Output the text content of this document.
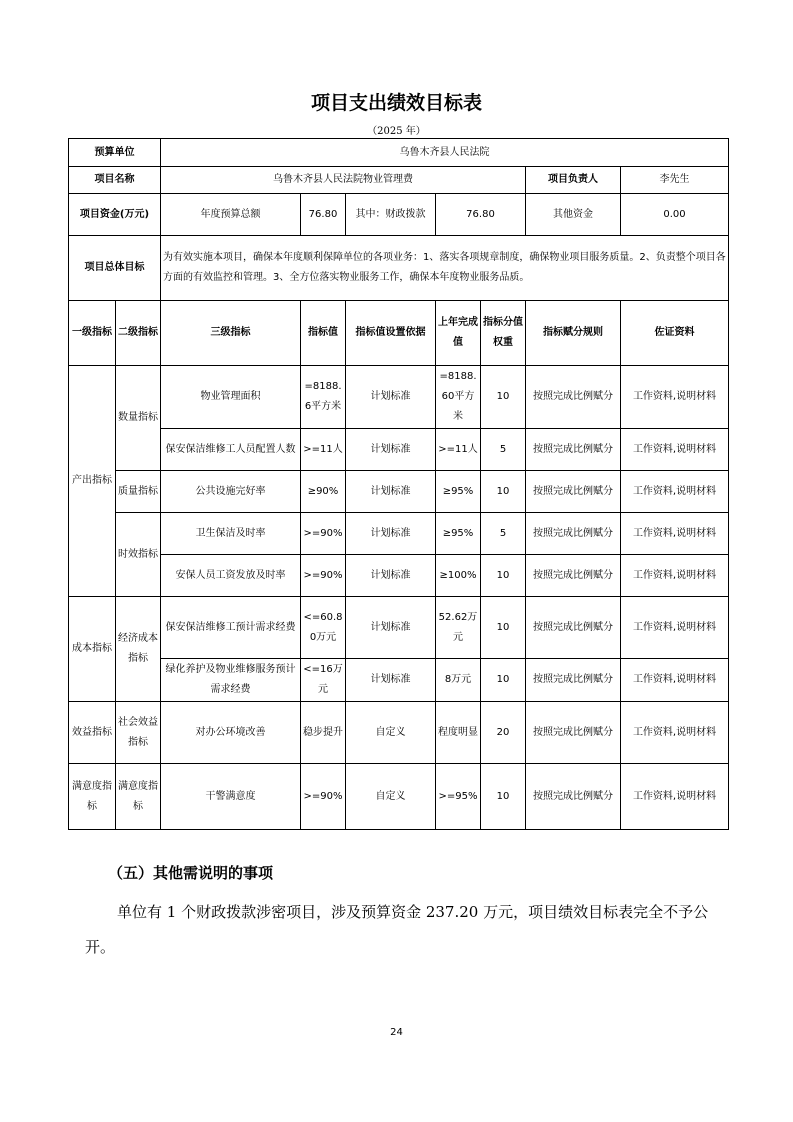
项目支出绩效目标表
（2025 年）
预算单位		乌鲁木齐县人民法院						
项目名称		乌鲁木齐县人民法院物业管理费					项目负责人	李先生
项目资金(万元)		年度预算总额	76.80	其中：财政拨款	76.80		其他资金	0.00
项目总体目标		为有效实施本项目，确保本年度顺利保障单位的各项业务：1、落实各项规章制度，确保物业项目服务质量。2、负责整个项目各方面的有效监控和管理。3、全方位落实物业服务工作，确保本年度物业服务品质。						
一级指标	二级指标	三级指标	指标值	指标值设置依据	上年完成值	指标分值权重	指标赋分规则	佐证资料
产出指标	数量指标	物业管理面积	=8188.6平方米	计划标准	=8188.60平方米	10	按照完成比例赋分	工作资料,说明材料
		保安保洁维修工人员配置人数	>=11人	计划标准	>=11人	5	按照完成比例赋分	工作资料,说明材料
	质量指标	公共设施完好率	≥90%	计划标准	≥95%	10	按照完成比例赋分	工作资料,说明材料
	时效指标	卫生保洁及时率	>=90%	计划标准	≥95%	5	按照完成比例赋分	工作资料,说明材料
		安保人员工资发放及时率	>=90%	计划标准	≥100%	10	按照完成比例赋分	工作资料,说明材料
成本指标	经济成本指标	保安保洁维修工预计需求经费	<=60.80万元	计划标准	52.62万元	10	按照完成比例赋分	工作资料,说明材料
		绿化养护及物业维修服务预计需求经费	<=16万元	计划标准	8万元	10	按照完成比例赋分	工作资料,说明材料
效益指标	社会效益指标	对办公环境改善	稳步提升	自定义	程度明显	20	按照完成比例赋分	工作资料,说明材料
满意度指标	满意度指标	干警满意度	>=90%	自定义	>=95%	10	按照完成比例赋分	工作资料,说明材料
（五）其他需说明的事项
单位有 1 个财政拨款涉密项目，涉及预算资金 237.20 万元，项目绩效目标表完全不予公开。
24
